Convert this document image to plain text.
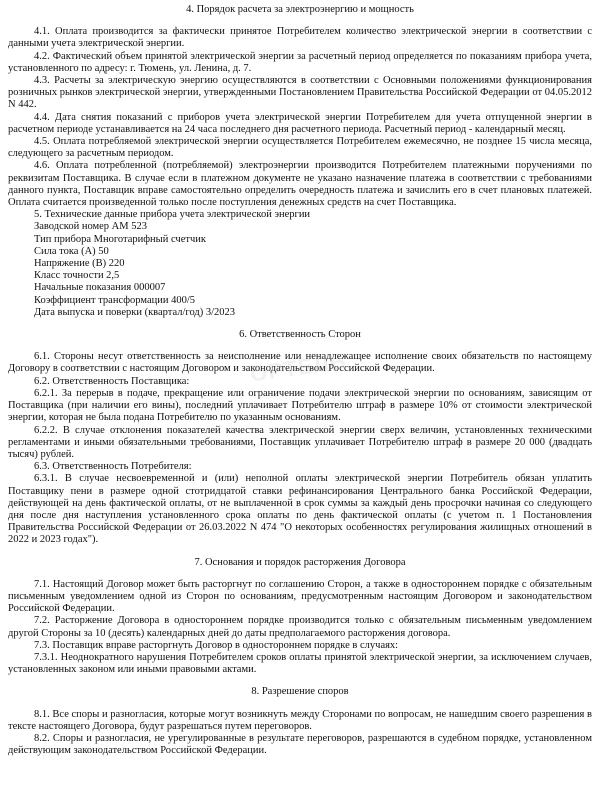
4. Порядок расчета за электроэнергию и мощность

4.1. Оплата производится за фактически принятое Потребителем количество электрической энергии в соответствии с данными учета электрической энергии.

4.2. Фактический объем принятой электрической энергии за расчетный период определяется по показаниям прибора учета, установленного по адресу: г. Тюмень, ул. Ленина, д. 7.

4.3. Расчеты за электрическую энергию осуществляются в соответствии с Основными положениями функционирования розничных рынков электрической энергии, утвержденными Постановлением Правительства Российской Федерации от 04.05.2012 N 442.

4.4. Дата снятия показаний с приборов учета электрической энергии Потребителем для учета отпущенной энергии в расчетном периоде устанавливается на 24 часа последнего дня расчетного периода. Расчетный период - календарный месяц.

4.5. Оплата потребляемой электрической энергии осуществляется Потребителем ежемесячно, не позднее 15 числа месяца, следующего за расчетным периодом.

4.6. Оплата потребленной (потребляемой) электроэнергии производится Потребителем платежными поручениями по реквизитам Поставщика. В случае если в платежном документе не указано назначение платежа в соответствии с требованиями данного пункта, Поставщик вправе самостоятельно определить очередность платежа и зачислить его в счет плановых платежей. Оплата считается произведенной только после поступления денежных средств на счет Поставщика.

5. Технические данные прибора учета электрической энергии

Заводской номер АМ 523

Тип прибора Многотарифный счетчик

Сила тока (А) 50

Напряжение (В) 220

Класс точности 2,5

Начальные показания 000007

Коэффициент трансформации 400/5

Дата выпуска и поверки (квартал/год) 3/2023

6. Ответственность Сторон

6.1. Стороны несут ответственность за неисполнение или ненадлежащее исполнение своих обязательств по настоящему Договору в соответствии с настоящим Договором и законодательством Российской Федерации.

6.2. Ответственность Поставщика:

6.2.1. За перерыв в подаче, прекращение или ограничение подачи электрической энергии по основаниям, зависящим от Поставщика (при наличии его вины), последний уплачивает Потребителю штраф в размере 10% от стоимости электрической энергии, которая не была подана Потребителю по указанным основаниям.

6.2.2. В случае отклонения показателей качества электрической энергии сверх величин, установленных техническими регламентами и иными обязательными требованиями, Поставщик уплачивает Потребителю штраф в размере 20 000 (двадцать тысяч) рублей.

6.3. Ответственность Потребителя:

6.3.1. В случае несвоевременной и (или) неполной оплаты электрической энергии Потребитель обязан уплатить Поставщику пени в размере одной стотридцатой ставки рефинансирования Центрального банка Российской Федерации, действующей на день фактической оплаты, от не выплаченной в срок суммы за каждый день просрочки начиная со следующего дня после дня наступления установленного срока оплаты по день фактической оплаты (с учетом п. 1 Постановления Правительства Российской Федерации от 26.03.2022 N 474 "О некоторых особенностях регулирования жилищных отношений в 2022 и 2023 годах").

7. Основания и порядок расторжения Договора

7.1. Настоящий Договор может быть расторгнут по соглашению Сторон, а также в одностороннем порядке с обязательным письменным уведомлением одной из Сторон по основаниям, предусмотренным настоящим Договором и законодательством Российской Федерации.

7.2. Расторжение Договора в одностороннем порядке производится только с обязательным письменным уведомлением другой Стороны за 10 (десять) календарных дней до даты предполагаемого расторжения договора.

7.3. Поставщик вправе расторгнуть Договор в одностороннем порядке в случаях:

7.3.1. Неоднократного нарушения Потребителем сроков оплаты принятой электрической энергии, за исключением случаев, установленных законом или иными правовыми актами.

8. Разрешение споров

8.1. Все споры и разногласия, которые могут возникнуть между Сторонами по вопросам, не нашедшим своего разрешения в тексте настоящего Договора, будут разрешаться путем переговоров.

8.2. Споры и разногласия, не урегулированные в результате переговоров, разрешаются в судебном порядке, установленном действующим законодательством Российской Федерации.

ОРТЕЛЬ
